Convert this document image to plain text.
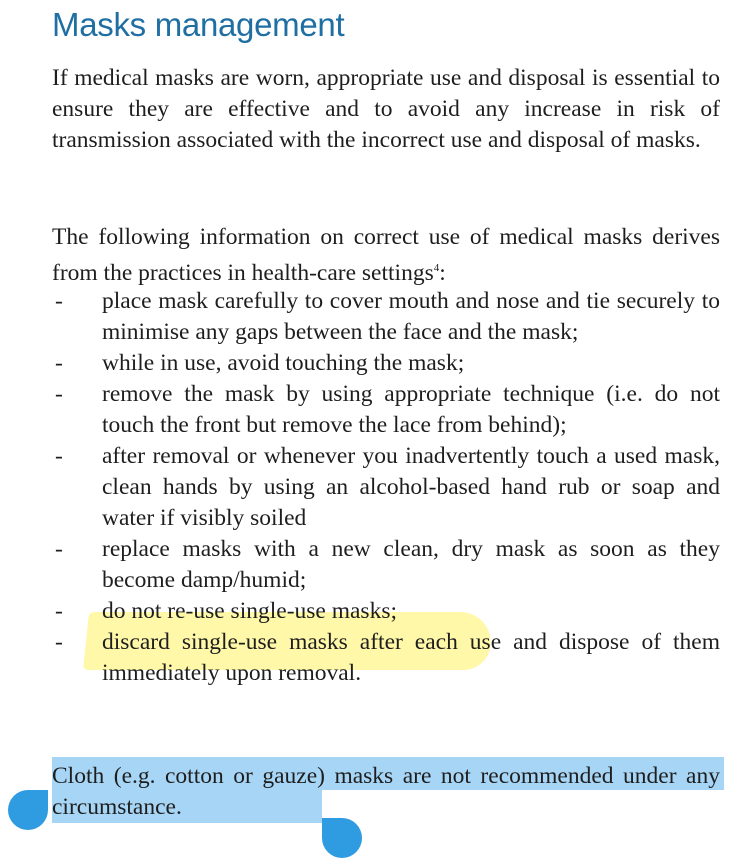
Masks management
If medical masks are worn, appropriate use and disposal is essential to ensure they are effective and to avoid any increase in risk of transmission associated with the incorrect use and disposal of masks.
The following information on correct use of medical masks derives from the practices in health-care settings$^4$:
- place mask carefully to cover mouth and nose and tie securely to minimise any gaps between the face and the mask;
- while in use, avoid touching the mask;
- remove the mask by using appropriate technique (i.e. do not touch the front but remove the lace from behind);
- after removal or whenever you inadvertently touch a used mask, clean hands by using an alcohol-based hand rub or soap and water if visibly soiled
- replace masks with a new clean, dry mask as soon as they become damp/humid;
- do not re-use single-use masks;
- discard single-use masks after each use and dispose of them immediately upon removal.
Cloth (e.g. cotton or gauze) masks are not recommended under any circumstance.
